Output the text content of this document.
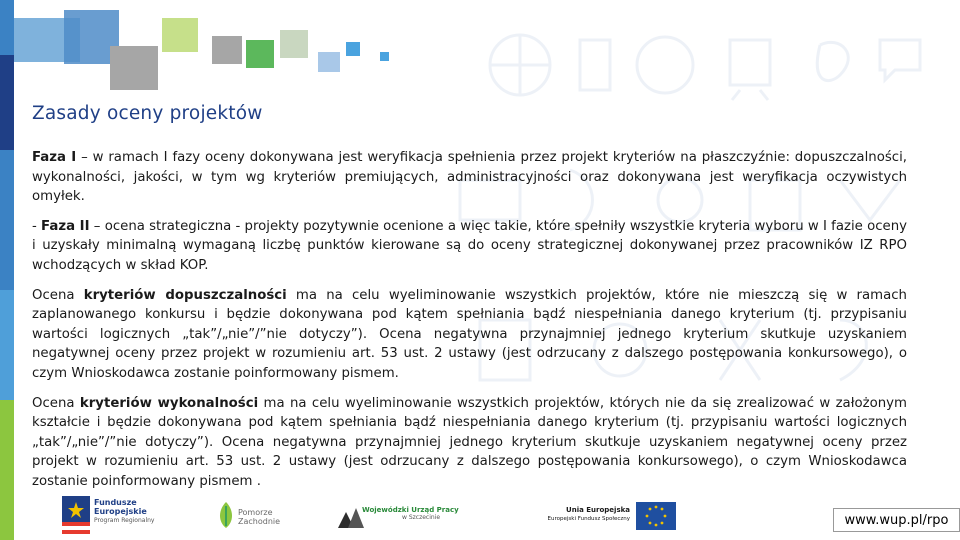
Zasady oceny projektów

Faza I – w ramach I fazy oceny dokonywana jest weryfikacja spełnienia przez projekt kryteriów na płaszczyźnie: dopuszczalności, wykonalności, jakości, w tym wg kryteriów premiujących, administracyjności oraz dokonywana jest weryfikacja oczywistych omyłek.

- Faza II – ocena strategiczna - projekty pozytywnie ocenione a więc takie, które spełniły wszystkie kryteria wyboru w I fazie oceny i uzyskały minimalną wymaganą liczbę punktów kierowane są do oceny strategicznej dokonywanej przez pracowników IZ RPO wchodzących w skład KOP.

Ocena kryteriów dopuszczalności ma na celu wyeliminowanie wszystkich projektów, które nie mieszczą się w ramach zaplanowanego konkursu i będzie dokonywana pod kątem spełniania bądź niespełniania danego kryterium (tj. przypisaniu wartości logicznych „tak”/„nie”/”nie dotyczy”). Ocena negatywna przynajmniej jednego kryterium skutkuje uzyskaniem negatywnej oceny przez projekt w rozumieniu art. 53 ust. 2 ustawy (jest odrzucany z dalszego postępowania konkursowego), o czym Wnioskodawca zostanie poinformowany pismem.

Ocena kryteriów wykonalności ma na celu wyeliminowanie wszystkich projektów, których nie da się zrealizować w założonym kształcie i będzie dokonywana pod kątem spełniania bądź niespełniania danego kryterium (tj. przypisaniu wartości logicznych „tak”/„nie”/”nie dotyczy”). Ocena negatywna przynajmniej jednego kryterium skutkuje uzyskaniem negatywnej oceny przez projekt w rozumieniu art. 53 ust. 2 ustawy (jest odrzucany z dalszego postępowania konkursowego), o czym Wnioskodawca zostanie poinformowany pismem .

Fundusze
Europejskie
Program Regionalny
Pomorze
Zachodnie
Wojewódzki Urząd Pracy
w Szczecinie
Unia Europejska
Europejski Fundusz Społeczny	www.wup.pl/rpo
